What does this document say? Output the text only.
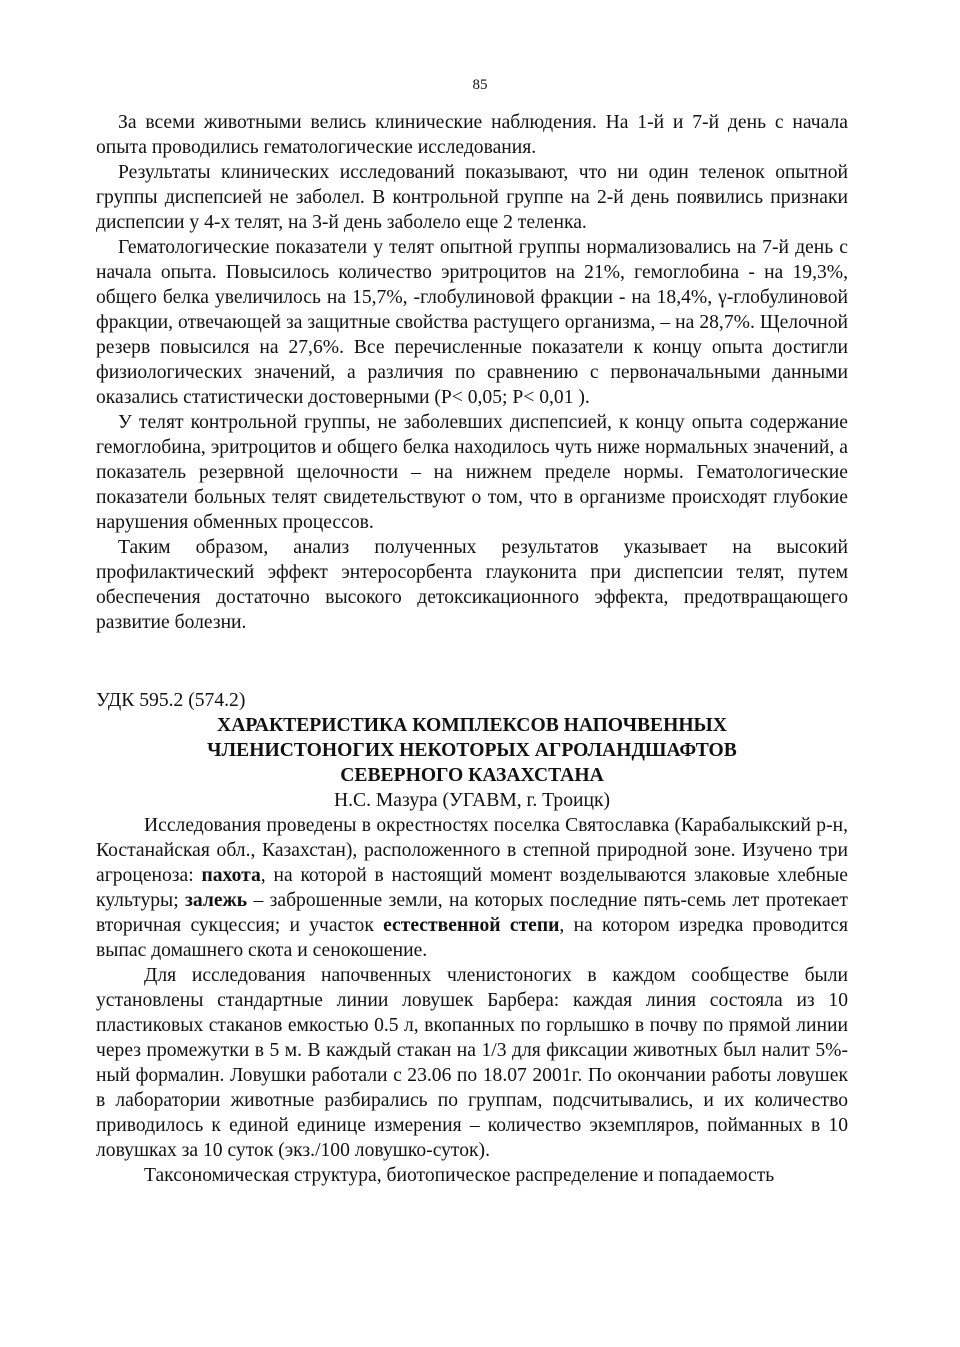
85

За всеми животными велись клинические наблюдения. На 1-й и 7-й день с начала опыта проводились гематологические исследования.

Результаты клинических исследований показывают, что ни один теленок опытной группы диспепсией не заболел. В контрольной группе на 2-й день появились признаки диспепсии у 4-х телят, на 3-й день заболело еще 2 теленка.

Гематологические показатели у телят опытной группы нормализовались на 7-й день с начала опыта. Повысилось количество эритроцитов на 21%, гемоглобина - на 19,3%, общего белка увеличилось на 15,7%, -глобулиновой фракции - на 18,4%, γ-глобулиновой фракции, отвечающей за защитные свойства растущего организма, – на 28,7%. Щелочной резерв повысился на 27,6%. Все перечисленные показатели к концу опыта достигли физиологических значений, а различия по сравнению с первоначальными данными оказались статистически достоверными (Р< 0,05; Р< 0,01 ).

У телят контрольной группы, не заболевших диспепсией, к концу опыта содержание гемоглобина, эритроцитов и общего белка находилось чуть ниже нормальных значений, а показатель резервной щелочности – на нижнем пределе нормы. Гематологические показатели больных телят свидетельствуют о том, что в организме происходят глубокие нарушения обменных процессов.

Таким образом, анализ полученных результатов указывает на высокий профилактический эффект энтеросорбента глауконита при диспепсии телят, путем обеспечения достаточно высокого детоксикационного эффекта, предотвращающего развитие болезни.

УДК 595.2 (574.2)
ХАРАКТЕРИСТИКА КОМПЛЕКСОВ НАПОЧВЕННЫХ
ЧЛЕНИСТОНОГИХ НЕКОТОРЫХ АГРОЛАНДШАФТОВ
СЕВЕРНОГО КАЗАХСТАНА
Н.С. Мазура (УГАВМ, г. Троицк)

Исследования проведены в окрестностях поселка Святославка (Карабалыкский р-н, Костанайская обл., Казахстан), расположенного в степной природной зоне. Изучено три агроценоза: пахота, на которой в настоящий момент возделываются злаковые хлебные культуры; залежь – заброшенные земли, на которых последние пять-семь лет протекает вторичная сукцессия; и участок естественной степи, на котором изредка проводится выпас домашнего скота и сенокошение.

Для исследования напочвенных членистоногих в каждом сообществе были установлены стандартные линии ловушек Барбера: каждая линия состояла из 10 пластиковых стаканов емкостью 0.5 л, вкопанных по горлышко в почву по прямой линии через промежутки в 5 м. В каждый стакан на 1/3 для фиксации животных был налит 5%-ный формалин. Ловушки работали с 23.06 по 18.07 2001г. По окончании работы ловушек в лаборатории животные разбирались по группам, подсчитывались, и их количество приводилось к единой единице измерения – количество экземпляров, пойманных в 10 ловушках за 10 суток (экз./100 ловушко-суток).

Таксономическая структура, биотопическое распределение и попадаемость
